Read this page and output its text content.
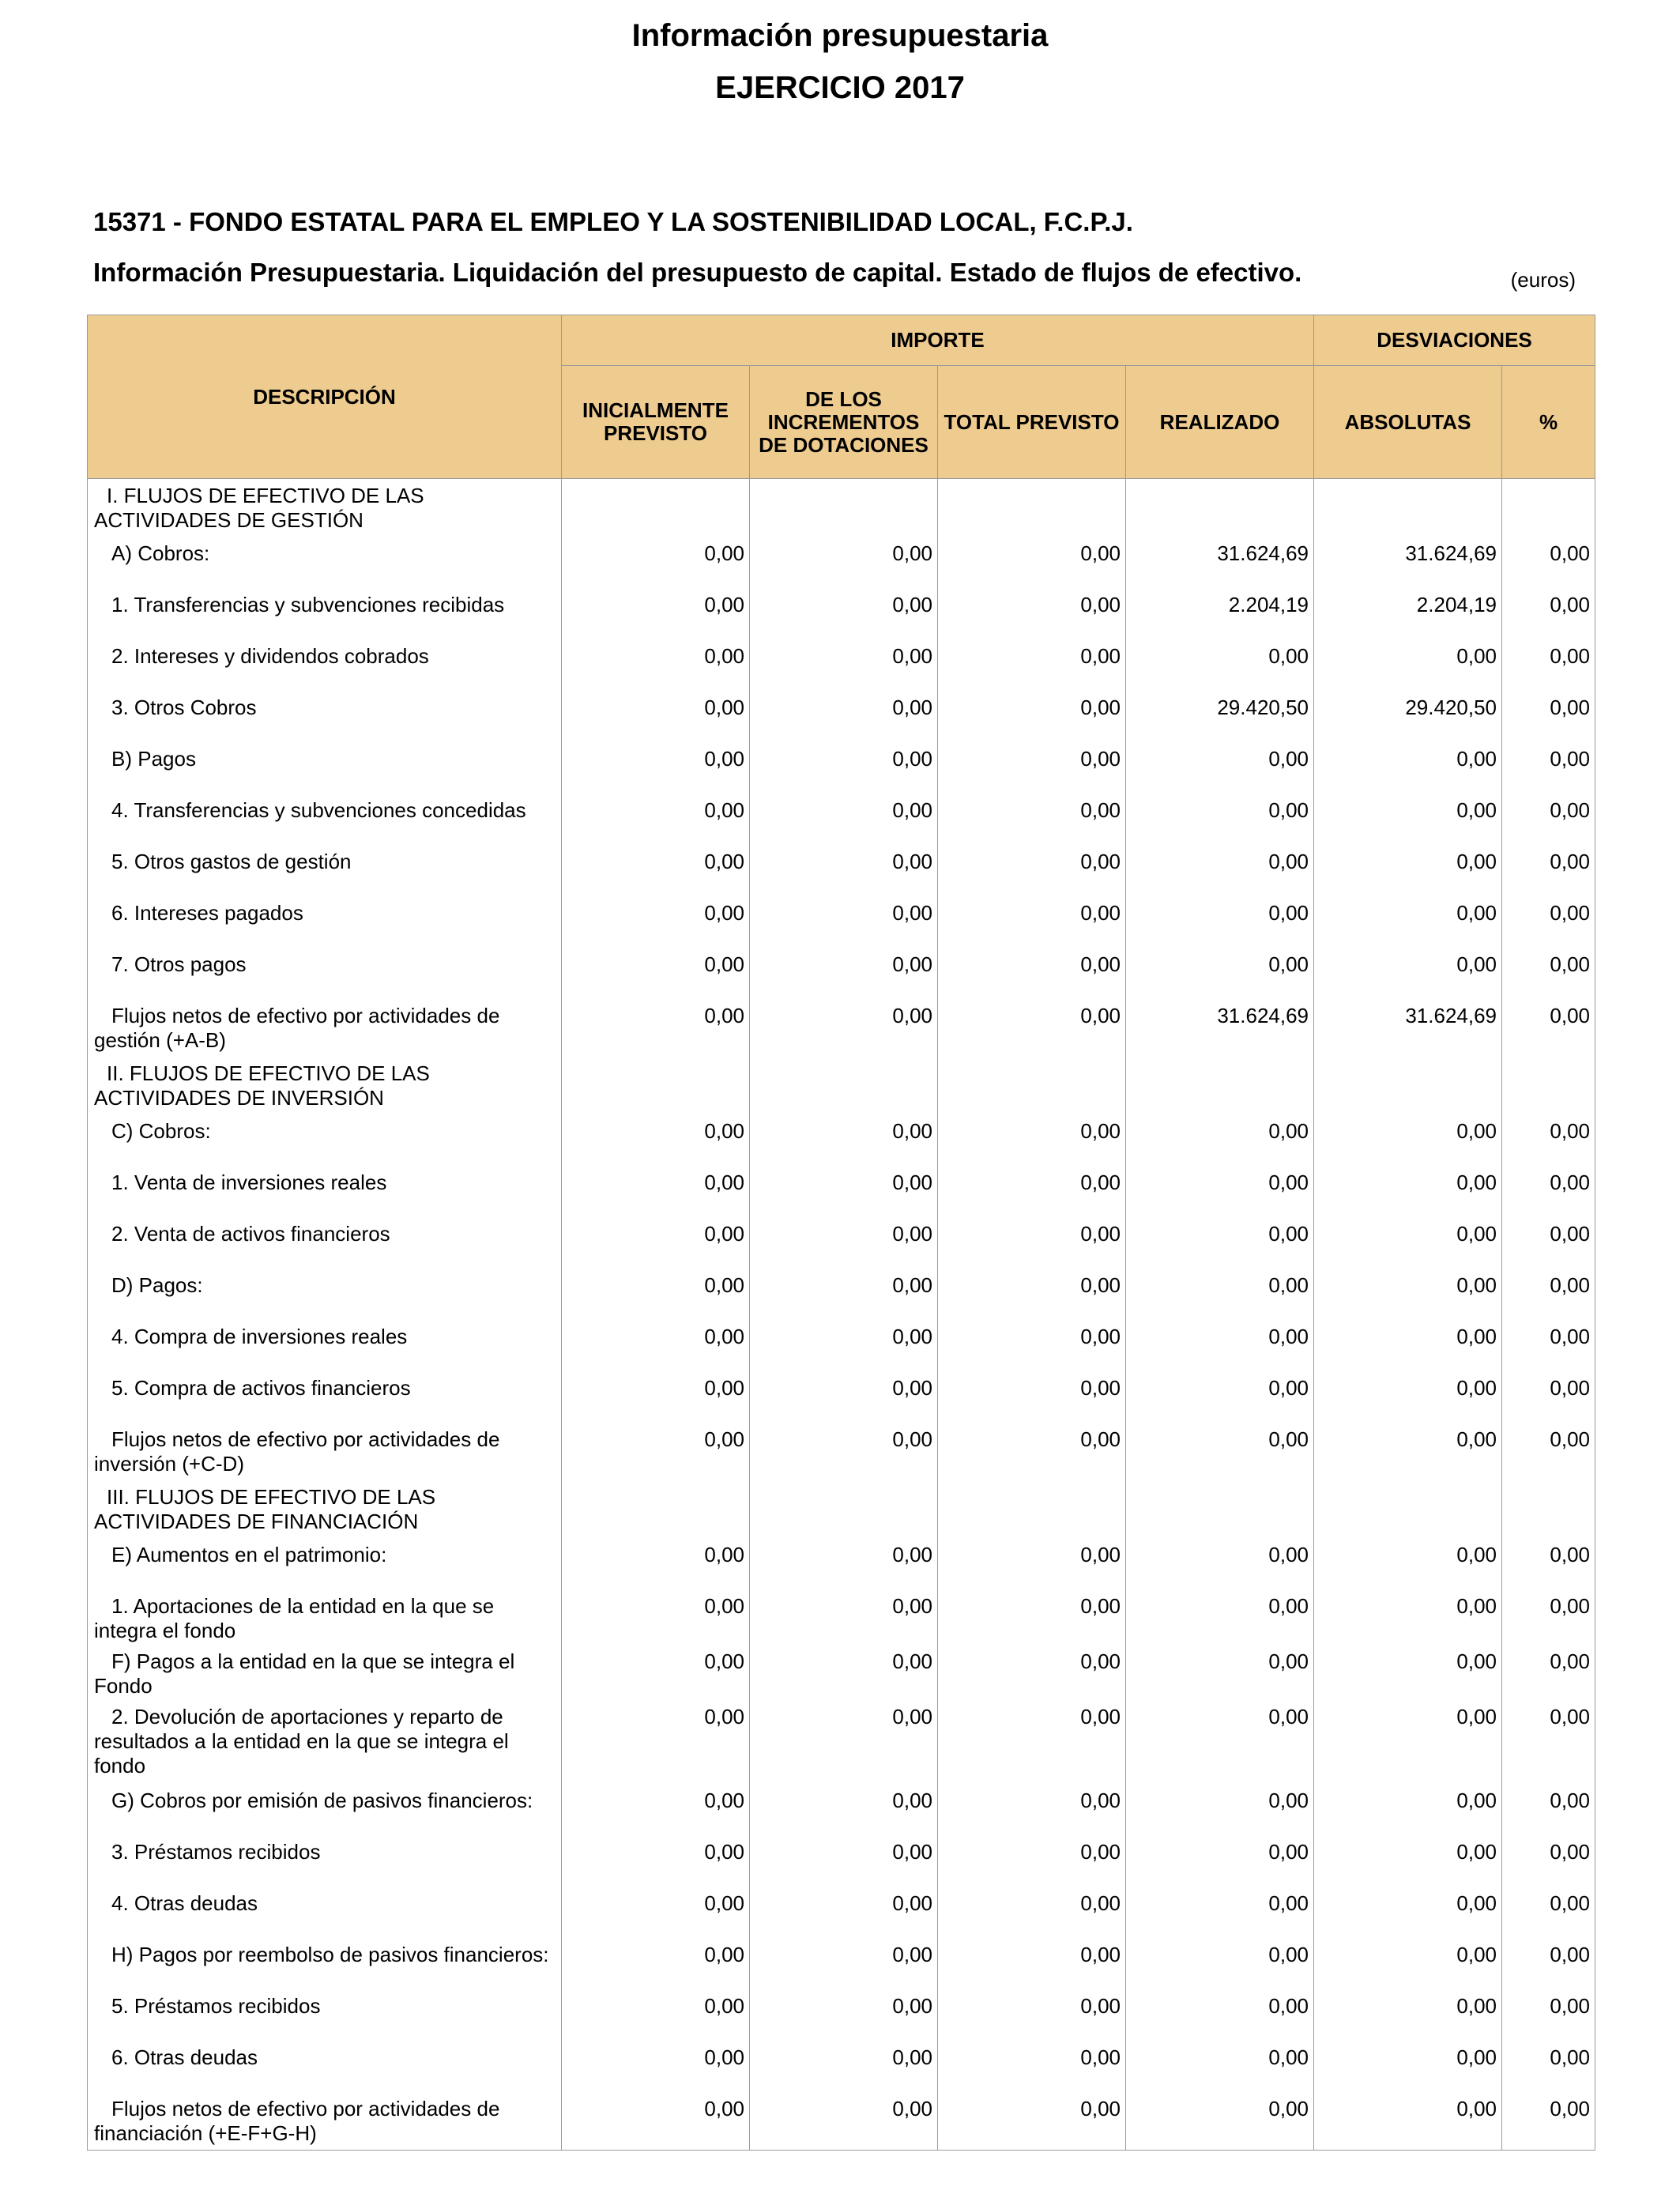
Información presupuestaria
EJERCICIO 2017
15371 - FONDO ESTATAL PARA EL EMPLEO Y LA SOSTENIBILIDAD LOCAL, F.C.P.J.
Información Presupuestaria. Liquidación del presupuesto de capital. Estado de flujos de efectivo.	(euros)
DESCRIPCIÓN	IMPORTE				DESVIACIONES	
	INICIALMENTE PREVISTO	DE LOS INCREMENTOS DE DOTACIONES	TOTAL PREVISTO	REALIZADO	ABSOLUTAS	%
I. FLUJOS DE EFECTIVO DE LAS ACTIVIDADES DE GESTIÓN						
A) Cobros:	0,00	0,00	0,00	31.624,69	31.624,69	0,00
1. Transferencias y subvenciones recibidas	0,00	0,00	0,00	2.204,19	2.204,19	0,00
2. Intereses y dividendos cobrados	0,00	0,00	0,00	0,00	0,00	0,00
3. Otros Cobros	0,00	0,00	0,00	29.420,50	29.420,50	0,00
B) Pagos	0,00	0,00	0,00	0,00	0,00	0,00
4. Transferencias y subvenciones concedidas	0,00	0,00	0,00	0,00	0,00	0,00
5. Otros gastos de gestión	0,00	0,00	0,00	0,00	0,00	0,00
6. Intereses pagados	0,00	0,00	0,00	0,00	0,00	0,00
7. Otros pagos	0,00	0,00	0,00	0,00	0,00	0,00
Flujos netos de efectivo por actividades de gestión (+A-B)	0,00	0,00	0,00	31.624,69	31.624,69	0,00
II. FLUJOS DE EFECTIVO DE LAS ACTIVIDADES DE INVERSIÓN						
C) Cobros:	0,00	0,00	0,00	0,00	0,00	0,00
1. Venta de inversiones reales	0,00	0,00	0,00	0,00	0,00	0,00
2. Venta de activos financieros	0,00	0,00	0,00	0,00	0,00	0,00
D) Pagos:	0,00	0,00	0,00	0,00	0,00	0,00
4. Compra de inversiones reales	0,00	0,00	0,00	0,00	0,00	0,00
5. Compra de activos financieros	0,00	0,00	0,00	0,00	0,00	0,00
Flujos netos de efectivo por actividades de inversión (+C-D)	0,00	0,00	0,00	0,00	0,00	0,00
III. FLUJOS DE EFECTIVO DE LAS ACTIVIDADES DE FINANCIACIÓN						
E) Aumentos en el patrimonio:	0,00	0,00	0,00	0,00	0,00	0,00
1. Aportaciones de la entidad en la que se integra el fondo	0,00	0,00	0,00	0,00	0,00	0,00
F) Pagos a la entidad en la que se integra el Fondo	0,00	0,00	0,00	0,00	0,00	0,00
2. Devolución de aportaciones y reparto de resultados a la entidad en la que se integra el fondo	0,00	0,00	0,00	0,00	0,00	0,00
G) Cobros por emisión de pasivos financieros:	0,00	0,00	0,00	0,00	0,00	0,00
3. Préstamos recibidos	0,00	0,00	0,00	0,00	0,00	0,00
4. Otras deudas	0,00	0,00	0,00	0,00	0,00	0,00
H) Pagos por reembolso de pasivos financieros:	0,00	0,00	0,00	0,00	0,00	0,00
5. Préstamos recibidos	0,00	0,00	0,00	0,00	0,00	0,00
6. Otras deudas	0,00	0,00	0,00	0,00	0,00	0,00
Flujos netos de efectivo por actividades de financiación (+E-F+G-H)	0,00	0,00	0,00	0,00	0,00	0,00
